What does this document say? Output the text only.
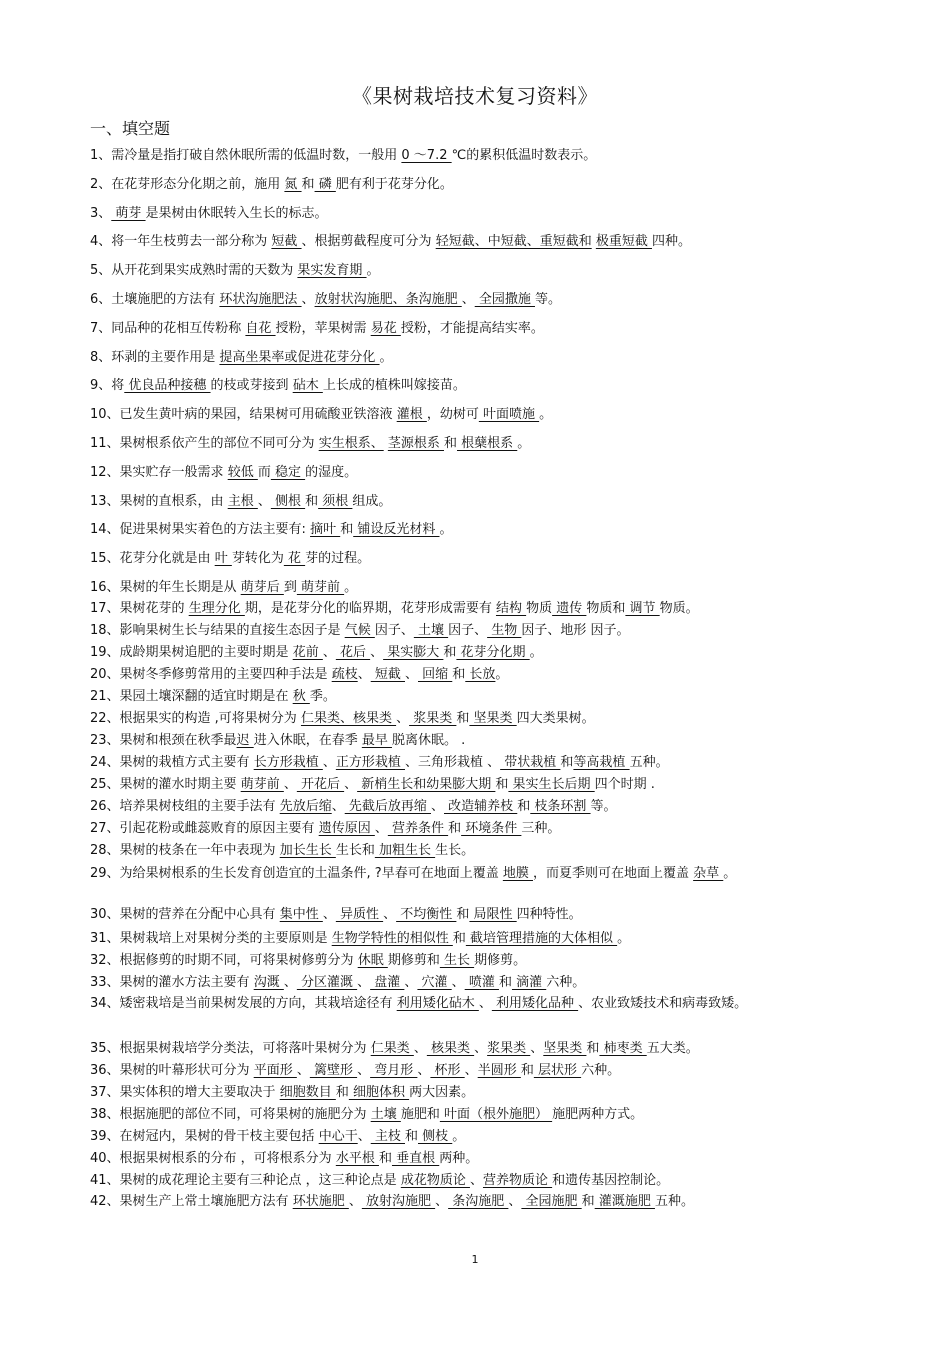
《果树栽培技术复习资料》
一、填空题
1、需冷量是指打破自然休眠所需的低温时数，一般用 0 ～7.2 ℃的累积低温时数表示。
2、在花芽形态分化期之前，施用 氮 和 磷 肥有利于花芽分化。
3、 萌芽 是果树由休眠转入生长的标志。
4、将一年生枝剪去一部分称为 短截 、根据剪截程度可分为 轻短截、中短截、重短截和 极重短截 四种。
5、从开花到果实成熟时需的天数为 果实发育期 。
6、土壤施肥的方法有 环状沟施肥法 、放射状沟施肥、条沟施肥 、 全园撒施 等。
7、同品种的花相互传粉称 自花 授粉，苹果树需 易花 授粉，才能提高结实率。
8、环剥的主要作用是 提高坐果率或促进花芽分化 。
9、将 优良品种接穗 的枝或芽接到 砧木 上长成的植株叫嫁接苗。
10、已发生黄叶病的果园，结果树可用硫酸亚铁溶液 灌根 ，幼树可 叶面喷施 。
11、果树根系依产生的部位不同可分为 实生根系、 茎源根系 和 根蘖根系 。
12、果实贮存一般需求 较低 而 稳定 的湿度。
13、果树的直根系，由 主根 、 侧根 和 须根 组成。
14、促进果树果实着色的方法主要有: 摘叶 和 铺设反光材料 。
15、花芽分化就是由 叶 芽转化为 花 芽的过程。
16、果树的年生长期是从 萌芽后 到 萌芽前 。
17、果树花芽的 生理分化 期，是花芽分化的临界期，花芽形成需要有 结构 物质 遗传 物质和 调节 物质。
18、影响果树生长与结果的直接生态因子是 气候 因子、 土壤 因子、 生物 因子、地形 因子。
19、成龄期果树追肥的主要时期是 花前 、 花后 、 果实膨大 和 花芽分化期 。
20、果树冬季修剪常用的主要四种手法是 疏枝、 短截 、 回缩 和 长放。
21、果园土壤深翻的适宜时期是在 秋 季。
22、根据果实的构造 ,可将果树分为 仁果类、核果类 、 浆果类 和 坚果类 四大类果树。
23、果树和根颈在秋季最迟 进入休眠，在春季 最早 脱离休眠。 .
24、果树的栽植方式主要有 长方形栽植 、正方形栽植 、三角形栽植 、 带状栽植 和等高栽植 五种。
25、果树的灌水时期主要 萌芽前 、 开花后 、 新梢生长和幼果膨大期 和 果实生长后期 四个时期 .
26、培养果树枝组的主要手法有 先放后缩、 先截后放再缩 、 改造辅养枝 和 枝条环割 等。
27、引起花粉或雌蕊败育的原因主要有 遗传原因 、 营养条件 和 环境条件 三种。
28、果树的枝条在一年中表现为 加长生长 生长和 加粗生长 生长。
29、为给果树根系的生长发育创造宜的土温条件, ?早春可在地面上覆盖 地膜 ，而夏季则可在地面上覆盖 杂草 。
30、果树的营养在分配中心具有 集中性 、 异质性 、 不均衡性 和 局限性 四种特性。
31、果树栽培上对果树分类的主要原则是 生物学特性的相似性 和 截培管理措施的大体相似 。
32、根据修剪的时期不同，可将果树修剪分为 休眠 期修剪和 生长 期修剪。
33、果树的灌水方法主要有 沟溉 、 分区灌溉 、 盘灌 、 穴灌 、 喷灌 和 滴灌 六种。
34、矮密栽培是当前果树发展的方向，其栽培途径有 利用矮化砧木 、 利用矮化品种 、农业致矮技术和病毒致矮。
35、根据果树栽培学分类法，可将落叶果树分为 仁果类 、 核果类 、浆果类 、坚果类 和 柿枣类 五大类。
36、果树的叶幕形状可分为 平面形 、 篱壁形 、 弯月形 、 杯形 、半圆形 和 层状形 六种。
37、果实体积的增大主要取决于 细胞数目 和 细胞体积 两大因素。
38、根据施肥的部位不同，可将果树的施肥分为 土壤 施肥和 叶面（根外施肥） 施肥两种方式。
39、在树冠内，果树的骨干枝主要包括 中心干、 主枝 和 侧枝 。
40、根据果树根系的分布 ，可将根系分为 水平根 和 垂直根 两种。
41、果树的成花理论主要有三种论点 ，这三种论点是 成花物质论 、营养物质论 和遗传基因控制论。
42、果树生产上常土壤施肥方法有 环状施肥 、 放射沟施肥 、 条沟施肥 、 全园施肥 和 灌溉施肥 五种。
1
